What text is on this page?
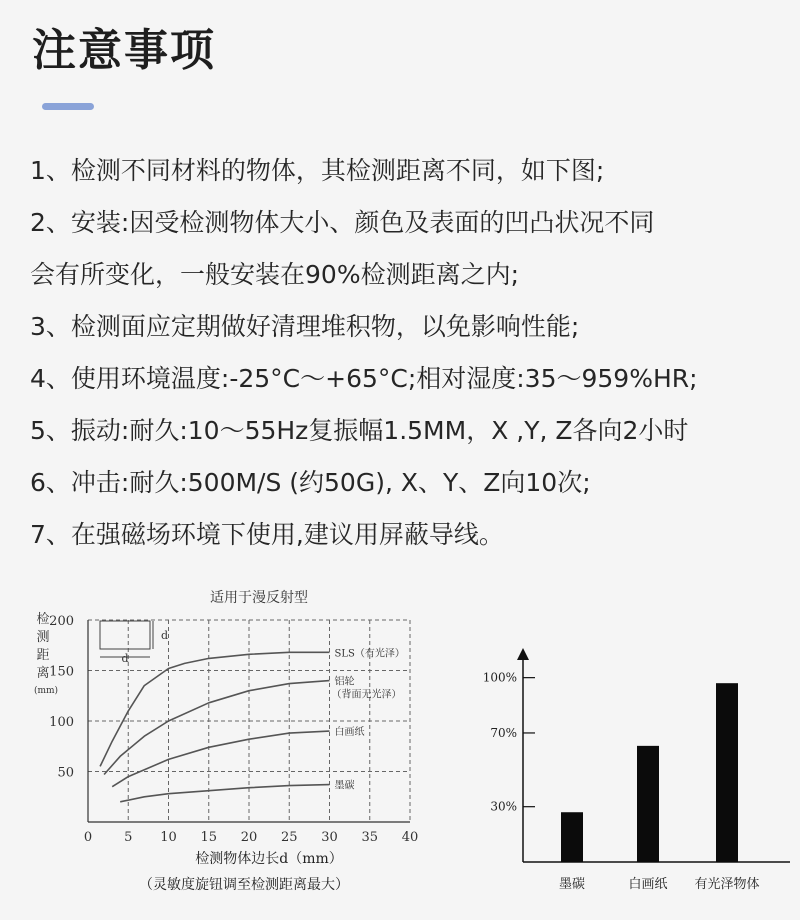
注意事项
1、检测不同材料的物体，其检测距离不同，如下图;
2、安装:因受检测物体大小、颜色及表面的凹凸状况不同
会有所变化，一般安装在90%检测距离之内;
3、检测面应定期做好清理堆积物，以免影响性能;
4、使用环境温度:-25°C～+65°C;相对湿度:35～959%HR;
5、振动:耐久:10～55Hz复振幅1.5MM，X ,Y, Z各向2小时
6、冲击:耐久:500M/S (约50G), X、Y、Z向10次;
7、在强磁场环境下使用,建议用屏蔽导线。
适用于漫反射型
50
100
150
200
0 5 10 15 20 25 30 35 40
检
测
距
离
(mm)
检测物体边长d（mm）
（灵敏度旋钮调至检测距离最大）
d
d	SLS（有光泽）
铝轮
（背面无光泽）
白画纸
墨碳
30%
70%
100%
墨碳	白画纸 有光泽物体
